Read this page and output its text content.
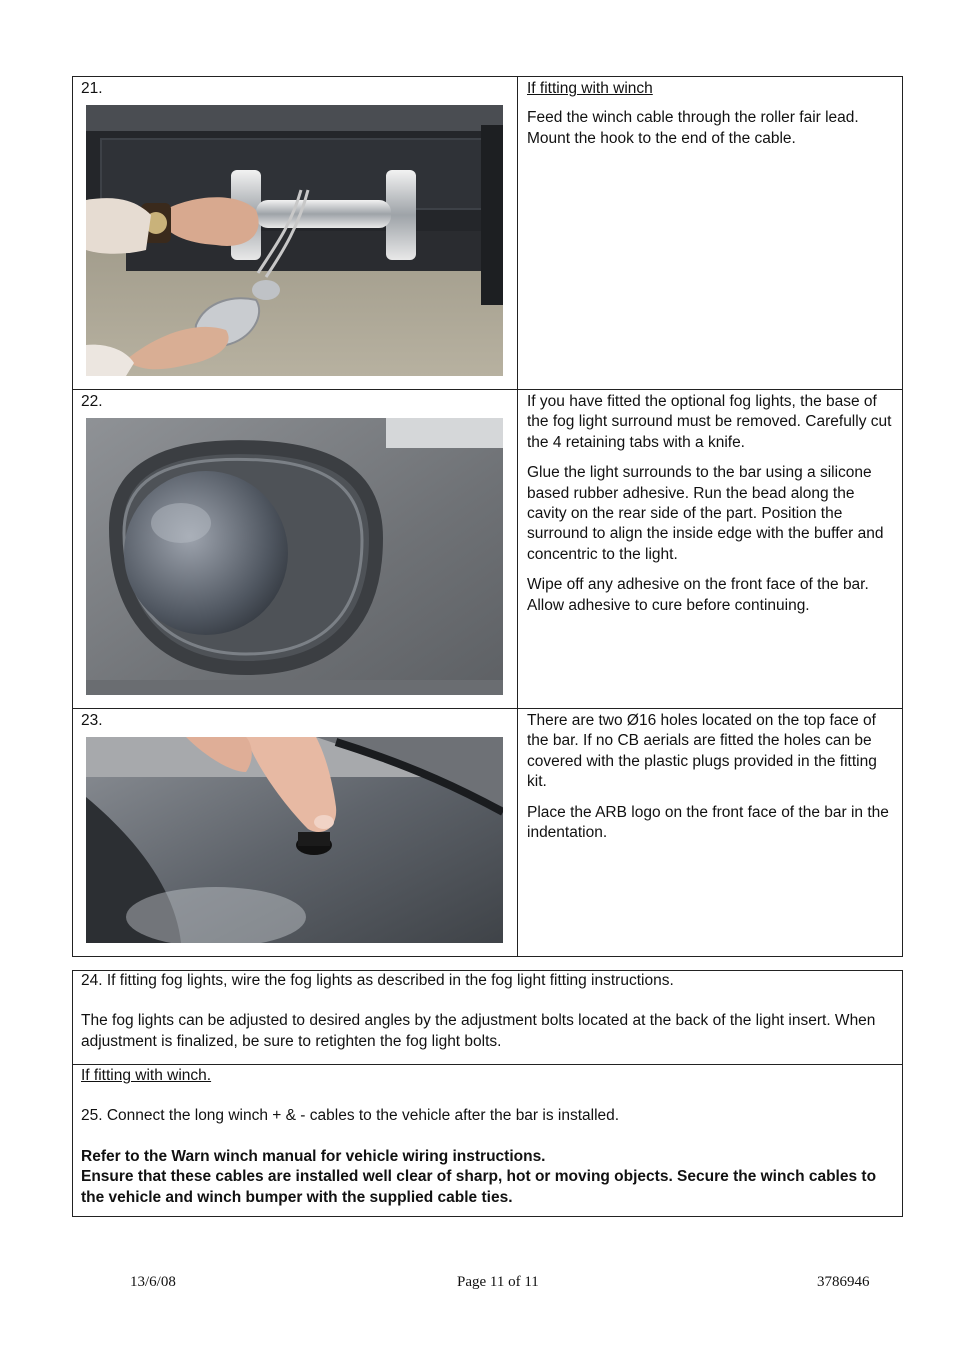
21.	If fitting with winch

Feed the winch cable through the roller fair lead. Mount the hook to the end of the cable.

22.	If you have fitted the optional fog lights, the base of the fog light surround must be removed. Carefully cut the 4 retaining tabs with a knife.

Glue the light surrounds to the bar using a silicone based rubber adhesive. Run the bead along the cavity on the rear side of the part. Position the surround to align the inside edge with the buffer and concentric to the light.

Wipe off any adhesive on the front face of the bar. Allow adhesive to cure before continuing.

23.	There are two Ø16 holes located on the top face of the bar. If no CB aerials are fitted the holes can be covered with the plastic plugs provided in the fitting kit.

Place the ARB logo on the front face of the bar in the indentation.

24. If fitting fog lights, wire the fog lights as described in the fog light fitting instructions.

The fog lights can be adjusted to desired angles by the adjustment bolts located at the back of the light insert. When adjustment is finalized, be sure to retighten the fog light bolts.

If fitting with winch.

25. Connect the long winch + & - cables to the vehicle after the bar is installed.

Refer to the Warn winch manual for vehicle wiring instructions.

Ensure that these cables are installed well clear of sharp, hot or moving objects. Secure the winch cables to the vehicle and winch bumper with the supplied cable ties.

13/6/08	Page 11 of 11	3786946
